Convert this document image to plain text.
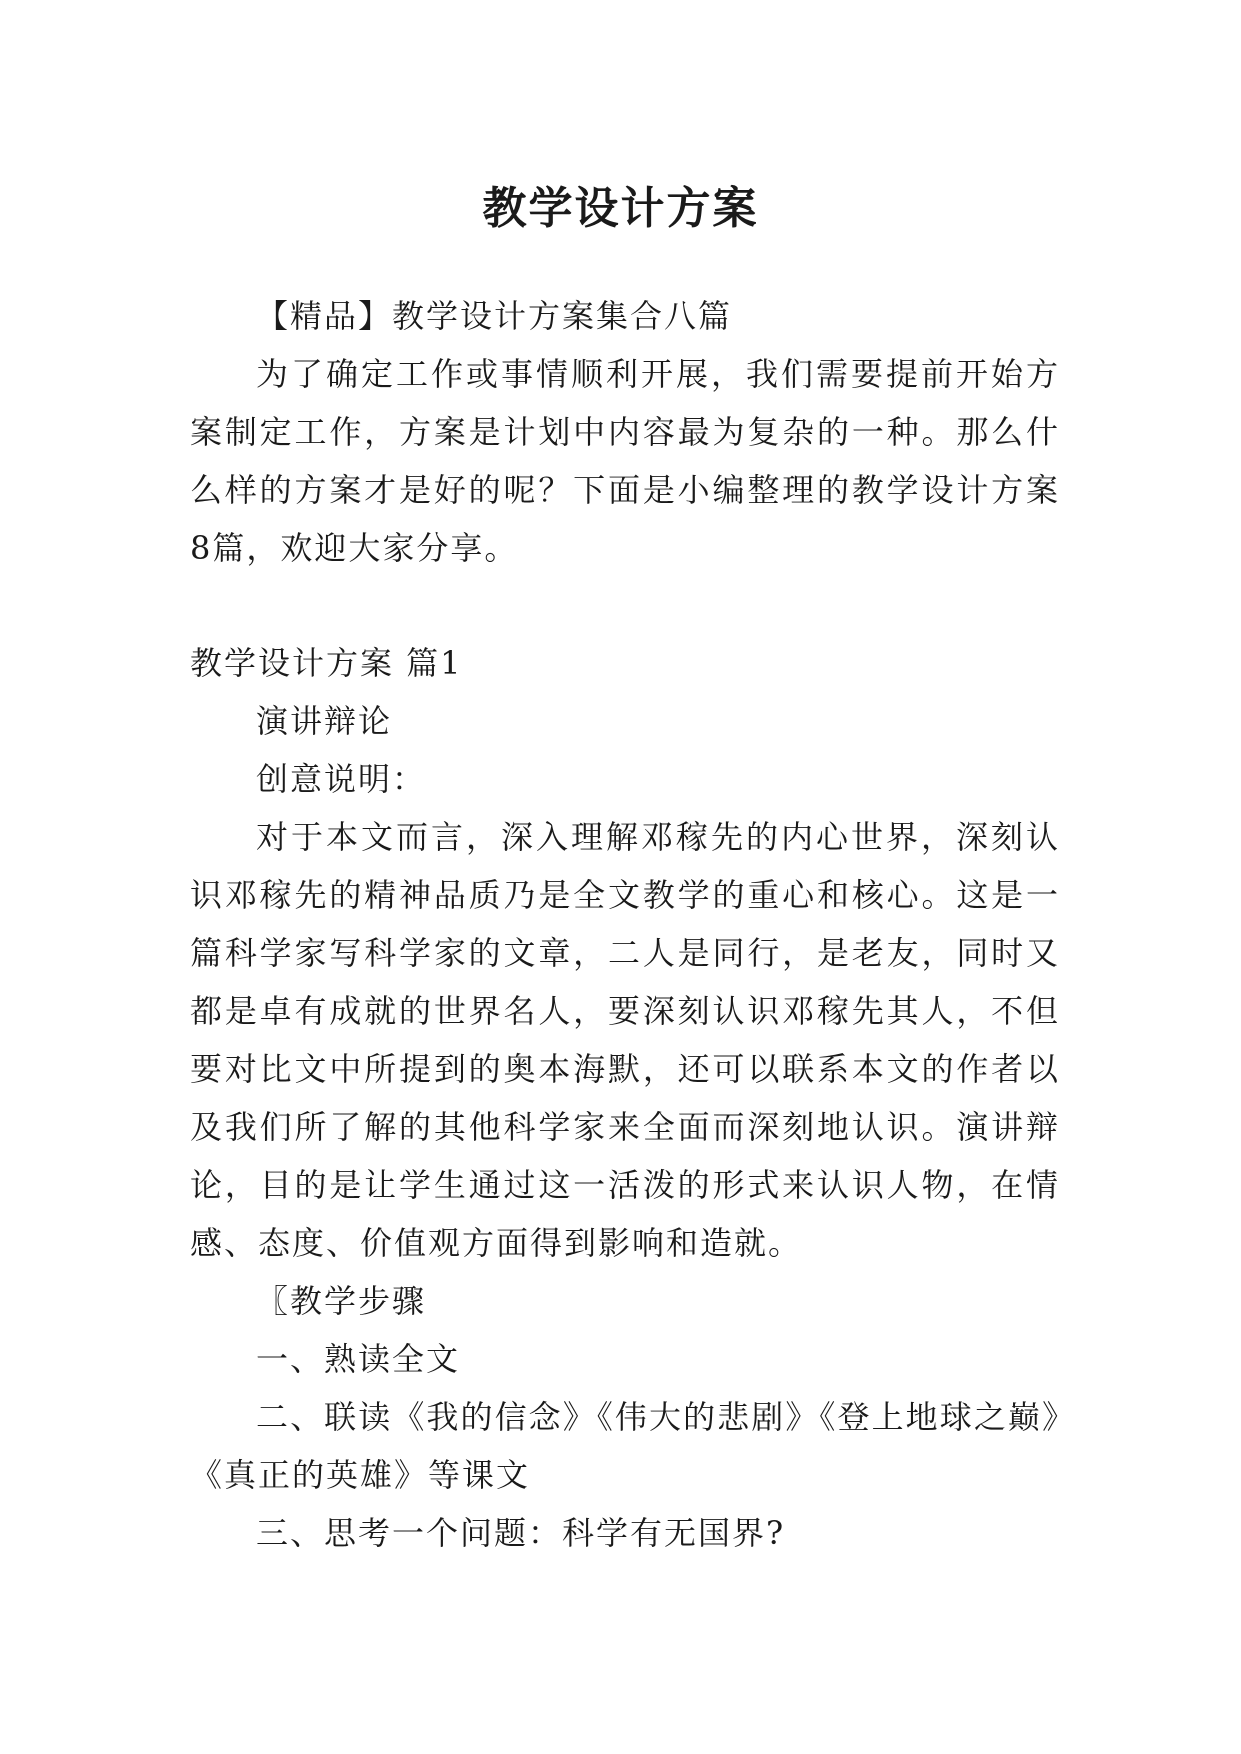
教学设计方案

【精品】教学设计方案集合八篇

为了确定工作或事情顺利开展，我们需要提前开始方案制定工作，方案是计划中内容最为复杂的一种。那么什么样的方案才是好的呢？下面是小编整理的教学设计方案8篇，欢迎大家分享。

教学设计方案 篇1

演讲辩论

创意说明：

对于本文而言，深入理解邓稼先的内心世界，深刻认识邓稼先的精神品质乃是全文教学的重心和核心。这是一篇科学家写科学家的文章，二人是同行，是老友，同时又都是卓有成就的世界名人，要深刻认识邓稼先其人，不但要对比文中所提到的奥本海默，还可以联系本文的作者以及我们所了解的其他科学家来全面而深刻地认识。演讲辩论，目的是让学生通过这一活泼的形式来认识人物，在情感、态度、价值观方面得到影响和造就。

〖教学步骤

一、熟读全文

二、联读《我的信念》《伟大的悲剧》《登上地球之巅》《真正的英雄》等课文

三、思考一个问题：科学有无国界?
